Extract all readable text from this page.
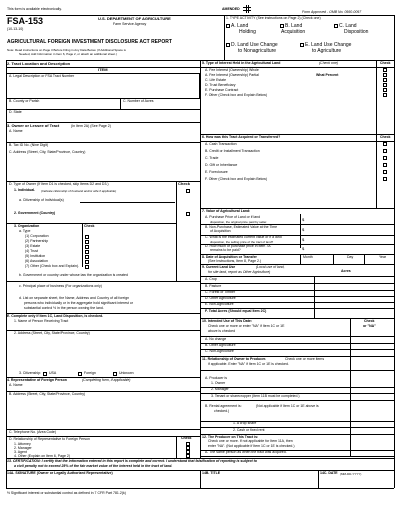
This form is available electronically.	AMENDED
Form Approved - OMB No. 0560-0097
FSA-153
(10-13-10)
U.S. DEPARTMENT OF AGRICULTURE
Farm Service Agency
AGRICULTURAL FOREIGN INVESTMENT DISCLOSURE ACT REPORT
Note: Read instructions on Page 3 Before Filing in Any Data Below. (If Additional Space is
Needed, Add Information in Item 6, Page 2, or attach an additional sheet.)
1. TYPE ACTIVITY (See instructions on Page 2) (Check one)
A. Land
Holding
B. Land
Acquisition
C. Land
Disposition
D. Land Use Change
to Nonagriculture
E. Land Use Change
to Agriculture
2. Tract Location and Description
ITEM
A. Legal Description or FSA Tract Number
B. County or Parish	C. Number of Acres
D. State
3. Owner or Lessee of Tract	(In Item 2A) (See Page 2)
A. Name
B. Tax ID No. (Nine Digit)
C. Address (Street, City, State/Province, Country)
D. Type of Owner (If Item D1 is checked, skip Items D2 and D3.)	Check
1. Individual. (Indicate citizenship of husband and/or wife if applicable)
a. Citizenship of Individual(s)
2. Government (Country)
3. Organization	Check
a. Type
(1) Corporation
(2) Partnership
(3) Estate
(4) Trust
(5) Institution
(6) Association
(7) Other (Check box and Explain).
b. Government or country under whose law the organization is created
c. Principal place of business (For organizations only)
d. List on separate sheet, the Name, Address and Country of all foreign
persons who individually or in the aggregate hold significant interest or
substantial control ½ in the person owning the land.
E. Complete only if Item 1C, Land Disposition, is checked.
1. Name of Person Receiving Tract
2. Address (Street, City, State/Province, Country)
3. Citizenship: USA	Foreign	Unknown
4. Representative of Foreign Person	(Completing form, if applicable)
A. Name
B. Address (Street, City, State/Province, Country)
C. Telephone No. (Area Code)
D. Relationship of Representative to Foreign Person	Check
1. Attorney
2. Manager
3. Agent
4. Other (Explain on Item 6, Page 2)
5. Type of Interest Held in the Agricultural Land	(Check one)	Check
A. Fee Interest (Ownership) Whole
A. Fee Interest (Ownership) Partial	What Percent
C. Life Estate
D. Trust Beneficiary
E. Purchase Contract
F. Other (Check box and Explain Below)
6. How was this Tract Acquired or Transferred?	Check
A. Cash Transaction
B. Credit or Installment Transaction
C. Trade
D. Gift or Inheritance
E. Foreclosure
F. Other (Check box and Explain Below)
7. Value of Agricultural Land:
A. Purchase Price of Land or if land
disposition, the original price paid by seller.	$
B. Non-Purchase, Estimated Value at the Time
of Acquisition	$
C. What is the estimated current value or if a land
disposition, the selling price of the tract of land?	$
D. How much of purchase price in Item 7A
remains to be paid?	$
8. Date of Acquisition or Transfer
(See Instructions, Item 8, Page 2.)
Month	Day	Year
9. Current Land Use	(Local use of land,
for site land, report as Other Agriculture)	Acres
A. Crop
B. Pasture
C. Forest or Timber
D. Other Agriculture
E. Non-Agriculture
F. Total Acres (Should equal Item 2C)
10. Intended Use of This Date:
Check one or more or enter "NA" if Item 1C or 1E
above is checked
Check
or "NA"
A. No change
B. Other Agriculture
C. Non-Agriculture
11. Relationship of Owner to Producer.	Check one or more items
if applicable. Enter "NA" if Item 1C or 1E is checked.
A. Producer is
1. Owner
2. Manager
3. Tenant or sharecropper (Item 11B must be completed.)
B. Rental agreement is:	(Not applicable if Item 1C or 1E above is
checked.)
1. A crop share
2. Cash or fixed rent
12. The Producer on This Tract is:
Check one or more. If not applicable for Item 11A, then
enter "NA". (Not applicable if Item 1C or 1E is checked.)
A. The same person as when the tract was acquired.
13. CERTIFICATION: I certify that the information entered in this report is complete and correct. I understand that falsification of reporting is subject to
a civil penalty not to exceed 25% of the fair market value of the interest held in the tract of land.
14A. SIGNATURE (Owner or Legally Authorized Representative)	14B. TITLE	14C. DATE (MM-DD-YYYY)
½ Significant interest or substantial control as defined in 7 CFR Part 781.2(k)
